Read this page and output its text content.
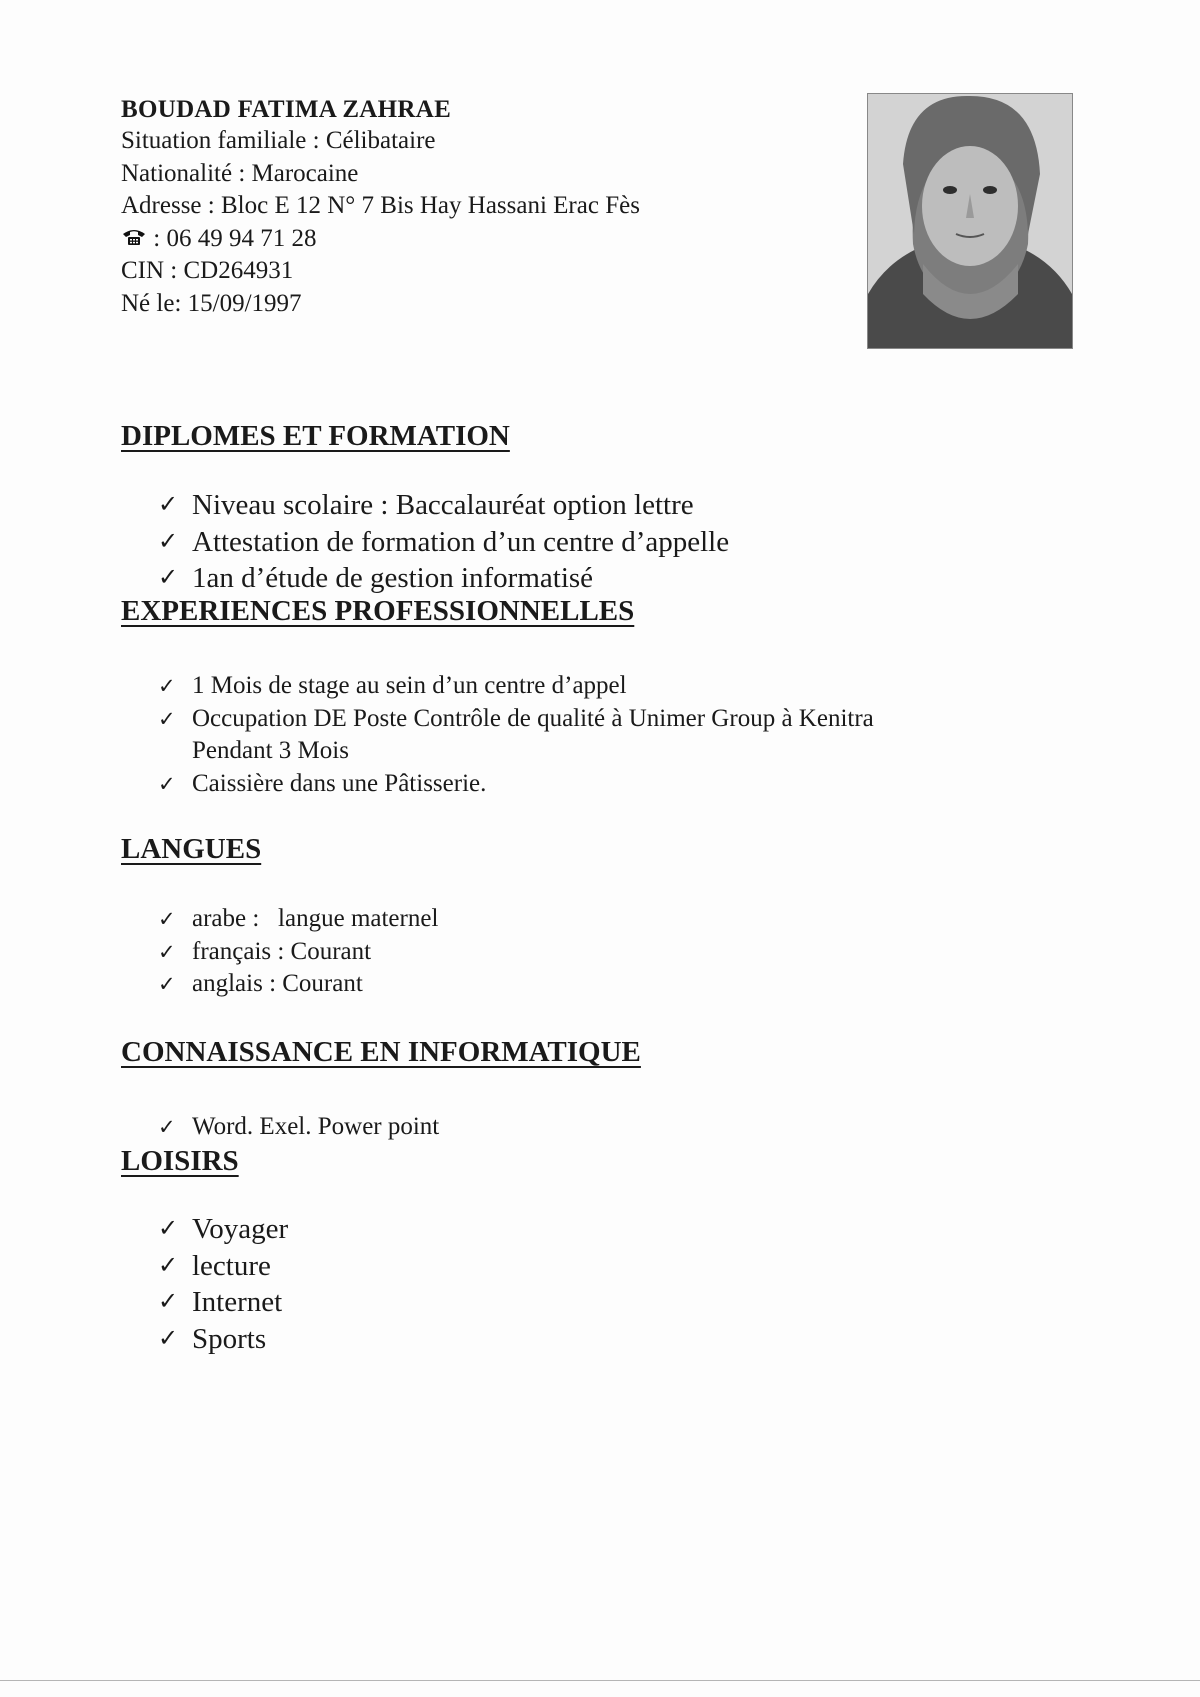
BOUDAD FATIMA ZAHRAE
Situation familiale : Célibataire
Nationalité : Marocaine
Adresse : Bloc E 12 N° 7 Bis Hay Hassani Erac Fès
: 06 49 94 71 28
CIN : CD264931
Né le: 15/09/1997
DIPLOMES ET FORMATION
✓ Niveau scolaire : Baccalauréat option lettre
✓ Attestation de formation d’un centre d’appelle
✓ 1an d’étude de gestion informatisé
EXPERIENCES PROFESSIONNELLES
✓ 1 Mois de stage au sein d’un centre d’appel
✓ Occupation DE Poste Contrôle de qualité à Unimer Group à Kenitra
Pendant 3 Mois
✓ Caissière dans une Pâtisserie.
LANGUES
✓ arabe :   langue maternel
✓ français : Courant
✓ anglais : Courant
CONNAISSANCE EN INFORMATIQUE
✓ Word. Exel. Power point
LOISIRS
✓ Voyager
✓ lecture
✓ Internet
✓ Sports
